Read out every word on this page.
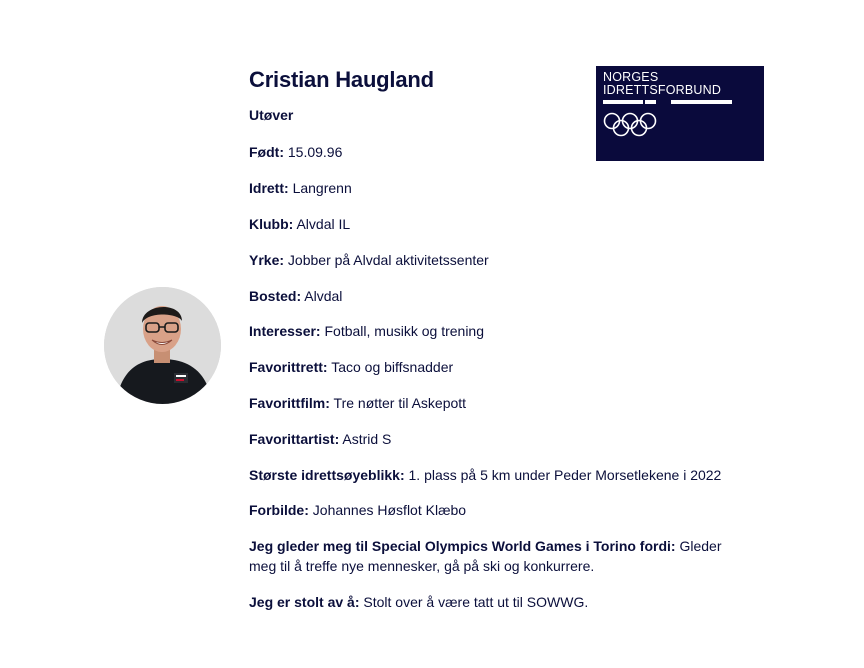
Cristian Haugland
Utøver
Født: 15.09.96
Idrett: Langrenn
Klubb: Alvdal IL
Yrke: Jobber på Alvdal aktivitetssenter
Bosted: Alvdal
Interesser: Fotball, musikk og trening
Favorittrett: Taco og biffsnadder
Favorittfilm: Tre nøtter til Askepott
Favorittartist: Astrid S
Største idrettsøyeblikk: 1. plass på 5 km under Peder Morsetlekene i 2022
Forbilde: Johannes Høsflot Klæbo
Jeg gleder meg til Special Olympics World Games i Torino fordi: Gleder meg til å treffe nye mennesker, gå på ski og konkurrere.
Jeg er stolt av å: Stolt over å være tatt ut til SOWWG.
NORGES
IDRETTSFORBUND
